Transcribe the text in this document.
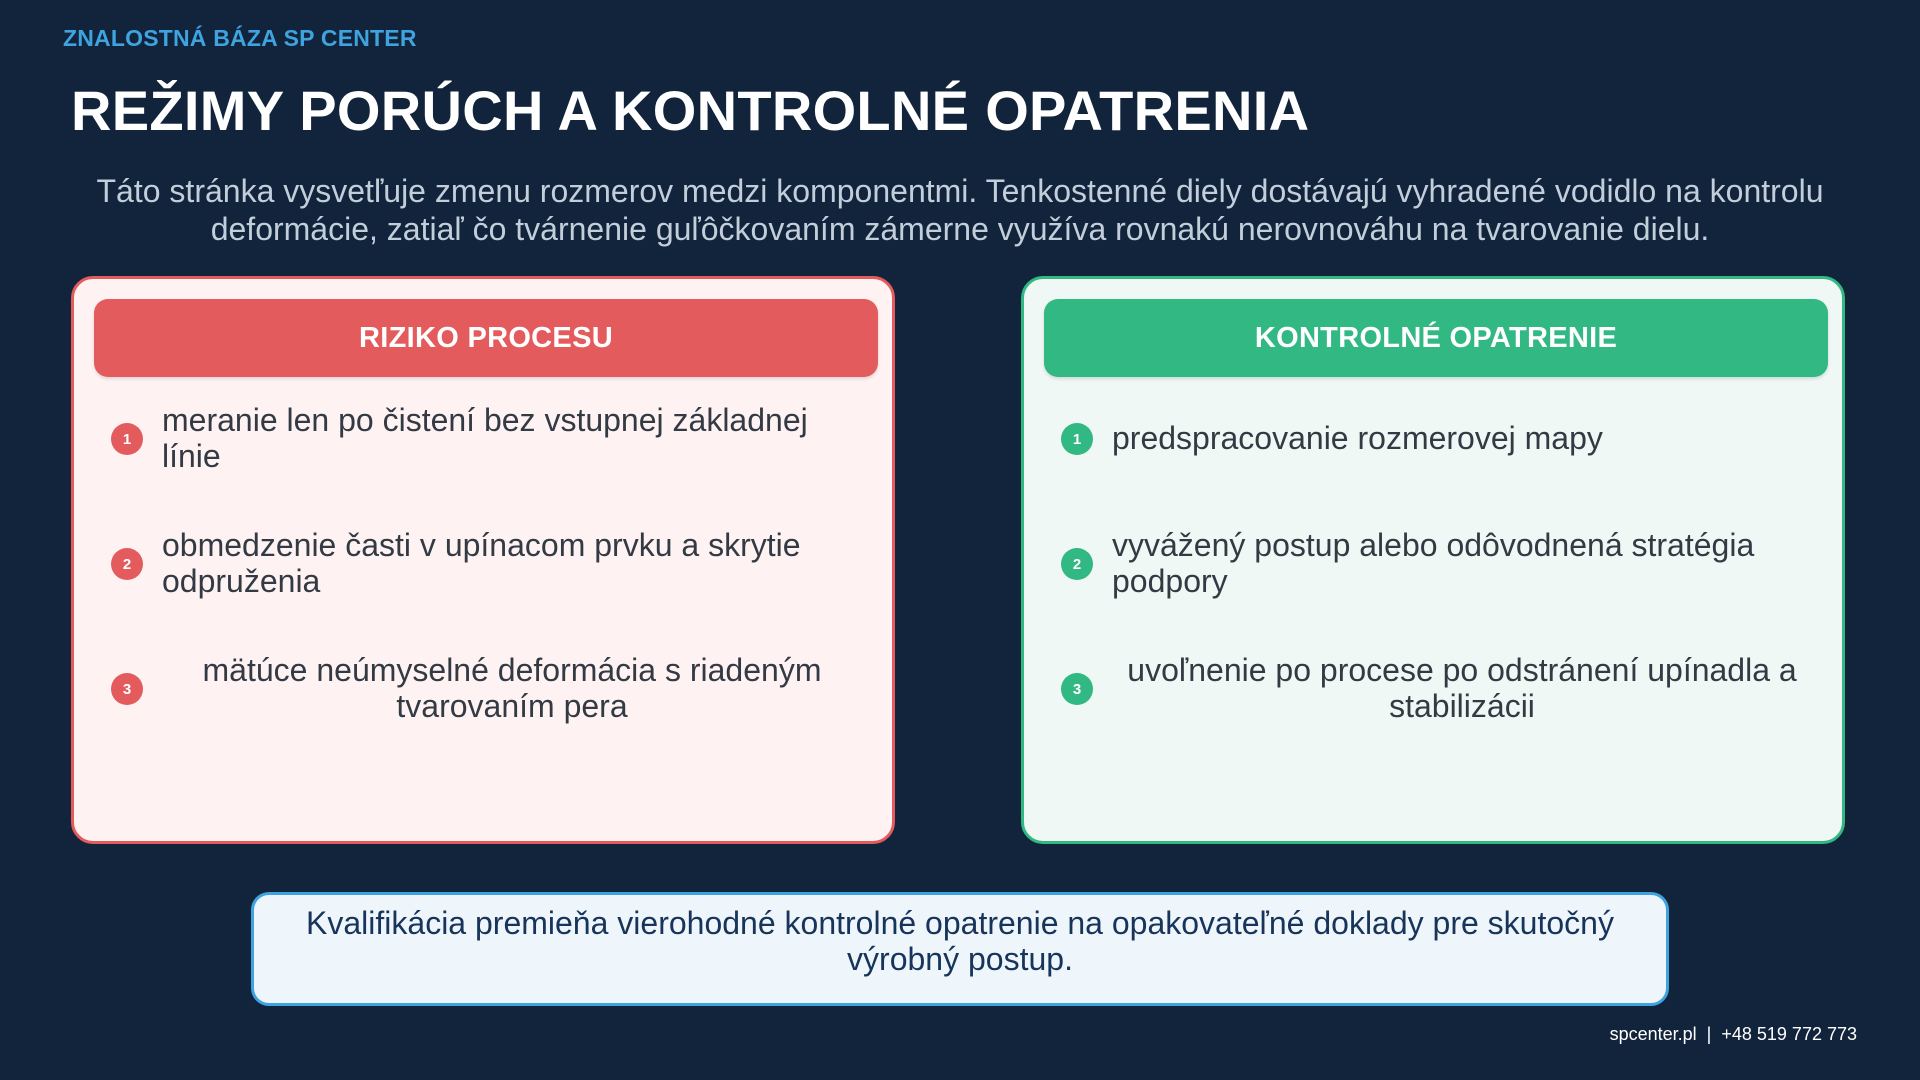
ZNALOSTNÁ BÁZA SP CENTER
REŽIMY PORÚCH A KONTROLNÉ OPATRENIA
Táto stránka vysvetľuje zmenu rozmerov medzi komponentmi. Tenkostenné diely dostávajú vyhradené vodidlo na kontrolu deformácie, zatiaľ čo tvárnenie guľôčkovaním zámerne využíva rovnakú nerovnováhu na tvarovanie dielu.
RIZIKO PROCESU
1
meranie len po čistení bez vstupnej základnej línie
2
obmedzenie časti v upínacom prvku a skrytie odpruženia
3
mätúce neúmyselné deformácia s riadeným tvarovaním pera
KONTROLNÉ OPATRENIE
1 predspracovanie rozmerovej mapy
2
vyvážený postup alebo odôvodnená stratégia podpory
3
uvoľnenie po procese po odstránení upínadla a stabilizácii
Kvalifikácia premieňa vierohodné kontrolné opatrenie na opakovateľné doklady pre skutočný výrobný postup.
spcenter.pl  |  +48 519 772 773
